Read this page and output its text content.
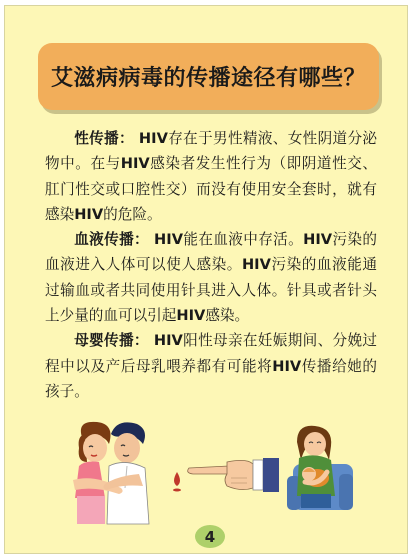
艾滋病病毒的传播途径有哪些？

性传播： HIV存在于男性精液、女性阴道分泌物中。在与HIV感染者发生性行为（即阴道性交、肛门性交或口腔性交）而没有使用安全套时，就有感染HIV的危险。

血液传播： HIV能在血液中存活。HIV污染的血液进入人体可以使人感染。HIV污染的血液能通过输血或者共同使用针具进入人体。针具或者针头上少量的血可以引起HIV感染。

母婴传播： HIV阳性母亲在妊娠期间、分娩过程中以及产后母乳喂养都有可能将HIV传播给她的孩子。

4
